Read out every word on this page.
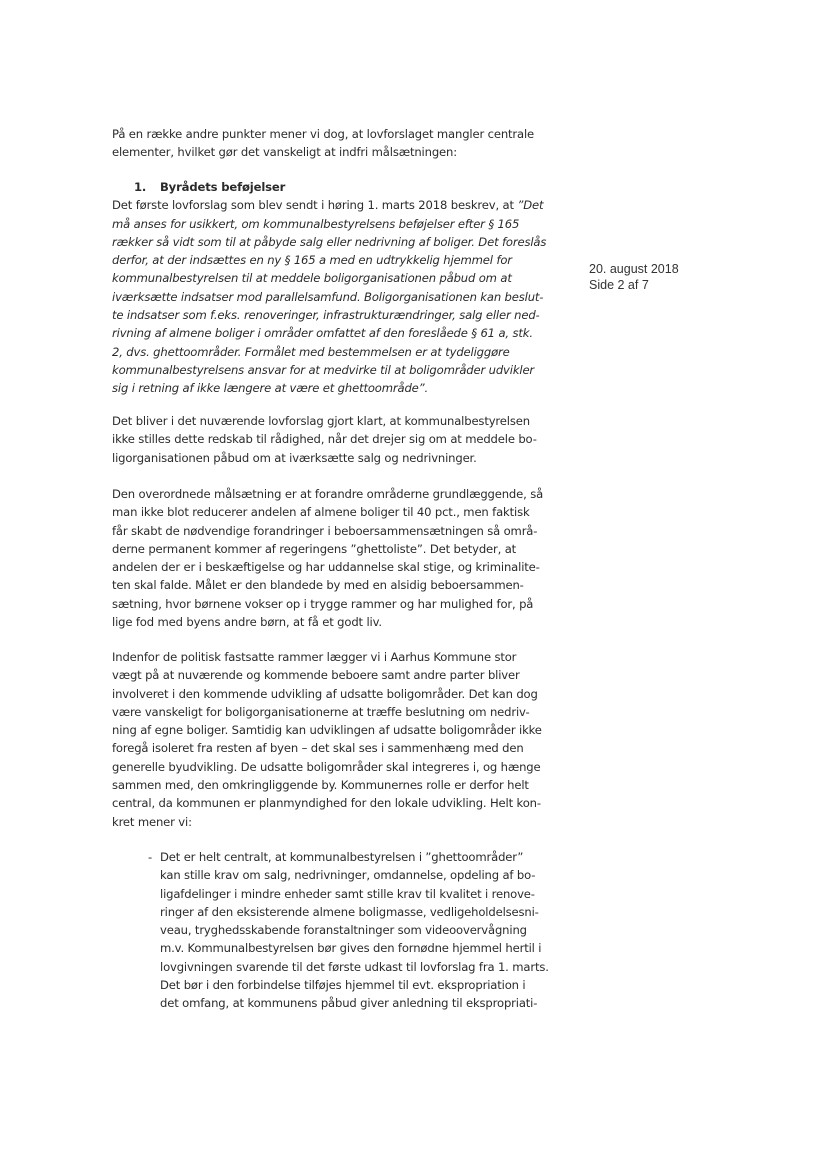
20. august 2018
Side 2 af 7
På en række andre punkter mener vi dog, at lovforslaget mangler centrale
elementer, hvilket gør det vanskeligt at indfri målsætningen:
1. Byrådets beføjelser
Det første lovforslag som blev sendt i høring 1. marts 2018 beskrev, at ”Det
må anses for usikkert, om kommunalbestyrelsens beføjelser efter § 165
rækker så vidt som til at påbyde salg eller nedrivning af boliger. Det foreslås
derfor, at der indsættes en ny § 165 a med en udtrykkelig hjemmel for
kommunalbestyrelsen til at meddele boligorganisationen påbud om at
iværksætte indsatser mod parallelsamfund. Boligorganisationen kan beslut-
te indsatser som f.eks. renoveringer, infrastrukturændringer, salg eller ned-
rivning af almene boliger i områder omfattet af den foreslåede § 61 a, stk.
2, dvs. ghettoområder. Formålet med bestemmelsen er at tydeliggøre
kommunalbestyrelsens ansvar for at medvirke til at boligområder udvikler
sig i retning af ikke længere at være et ghettoområde”.
Det bliver i det nuværende lovforslag gjort klart, at kommunalbestyrelsen
ikke stilles dette redskab til rådighed, når det drejer sig om at meddele bo-
ligorganisationen påbud om at iværksætte salg og nedrivninger.
Den overordnede målsætning er at forandre områderne grundlæggende, så
man ikke blot reducerer andelen af almene boliger til 40 pct., men faktisk
får skabt de nødvendige forandringer i beboersammensætningen så områ-
derne permanent kommer af regeringens ”ghettoliste”. Det betyder, at
andelen der er i beskæftigelse og har uddannelse skal stige, og kriminalite-
ten skal falde. Målet er den blandede by med en alsidig beboersammen-
sætning, hvor børnene vokser op i trygge rammer og har mulighed for, på
lige fod med byens andre børn, at få et godt liv.
Indenfor de politisk fastsatte rammer lægger vi i Aarhus Kommune stor
vægt på at nuværende og kommende beboere samt andre parter bliver
involveret i den kommende udvikling af udsatte boligområder. Det kan dog
være vanskeligt for boligorganisationerne at træffe beslutning om nedriv-
ning af egne boliger. Samtidig kan udviklingen af udsatte boligområder ikke
foregå isoleret fra resten af byen – det skal ses i sammenhæng med den
generelle byudvikling. De udsatte boligområder skal integreres i, og hænge
sammen med, den omkringliggende by. Kommunernes rolle er derfor helt
central, da kommunen er planmyndighed for den lokale udvikling. Helt kon-
kret mener vi:
- Det er helt centralt, at kommunalbestyrelsen i ”ghettoområder”
kan stille krav om salg, nedrivninger, omdannelse, opdeling af bo-
ligafdelinger i mindre enheder samt stille krav til kvalitet i renove-
ringer af den eksisterende almene boligmasse, vedligeholdelsesni-
veau, tryghedsskabende foranstaltninger som videoovervågning
m.v. Kommunalbestyrelsen bør gives den fornødne hjemmel hertil i
lovgivningen svarende til det første udkast til lovforslag fra 1. marts.
Det bør i den forbindelse tilføjes hjemmel til evt. ekspropriation i
det omfang, at kommunens påbud giver anledning til ekspropriati-
